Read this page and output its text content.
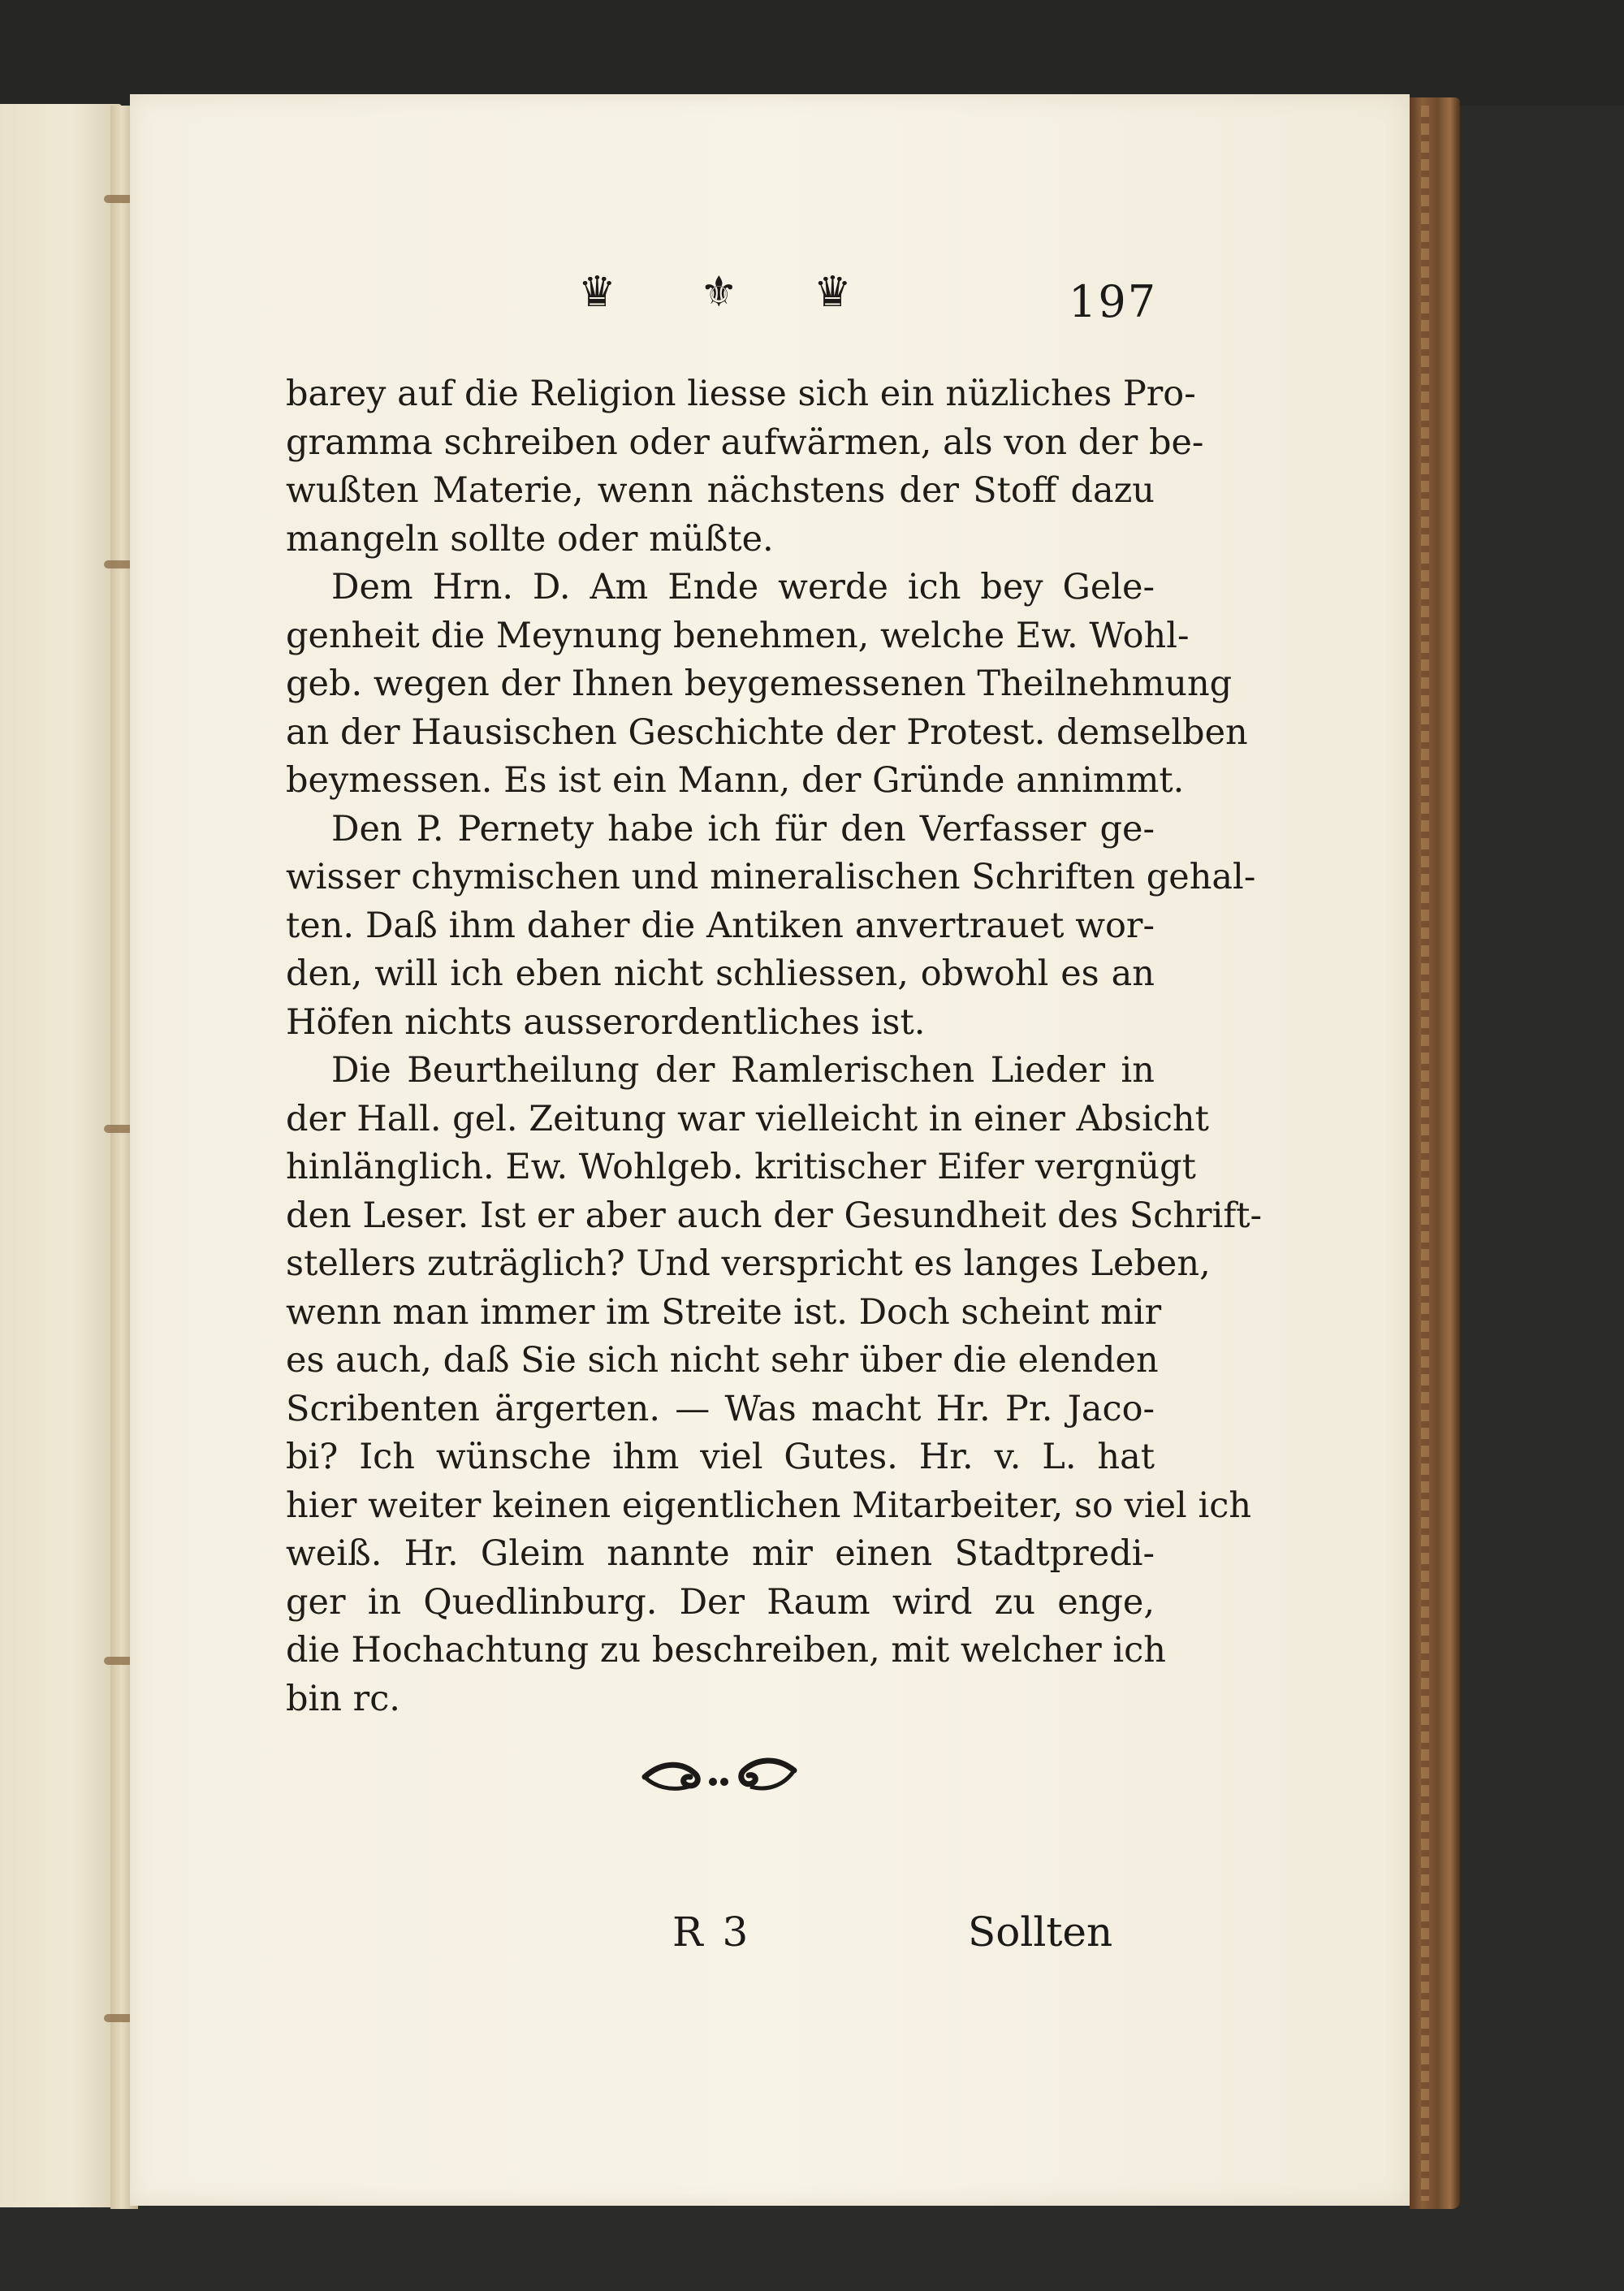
♛ ⚜ ♛	197
barey auf die Religion liesse sich ein nüzliches Pro-
gramma schreiben oder aufwärmen, als von der be-
wußten Materie, wenn nächstens der Stoff dazu
mangeln sollte oder müßte.
Dem Hrn. D. Am Ende werde ich bey Gele-
genheit die Meynung benehmen, welche Ew. Wohl-
geb. wegen der Ihnen beygemessenen Theilnehmung
an der Hausischen Geschichte der Protest. demselben
beymessen. Es ist ein Mann, der Gründe annimmt.
Den P. Pernety habe ich für den Verfasser ge-
wisser chymischen und mineralischen Schriften gehal-
ten. Daß ihm daher die Antiken anvertrauet wor-
den, will ich eben nicht schliessen, obwohl es an
Höfen nichts ausserordentliches ist.
Die Beurtheilung der Ramlerischen Lieder in
der Hall. gel. Zeitung war vielleicht in einer Absicht
hinlänglich. Ew. Wohlgeb. kritischer Eifer vergnügt
den Leser. Ist er aber auch der Gesundheit des Schrift-
stellers zuträglich? Und verspricht es langes Leben,
wenn man immer im Streite ist. Doch scheint mir
es auch, daß Sie sich nicht sehr über die elenden
Scribenten ärgerten. — Was macht Hr. Pr. Jaco-
bi? Ich wünsche ihm viel Gutes. Hr. v. L. hat
hier weiter keinen eigentlichen Mitarbeiter, so viel ich
weiß. Hr. Gleim nannte mir einen Stadtpredi-
ger in Quedlinburg. Der Raum wird zu enge,
die Hochachtung zu beschreiben, mit welcher ich
bin rc.
R 3	Sollten
